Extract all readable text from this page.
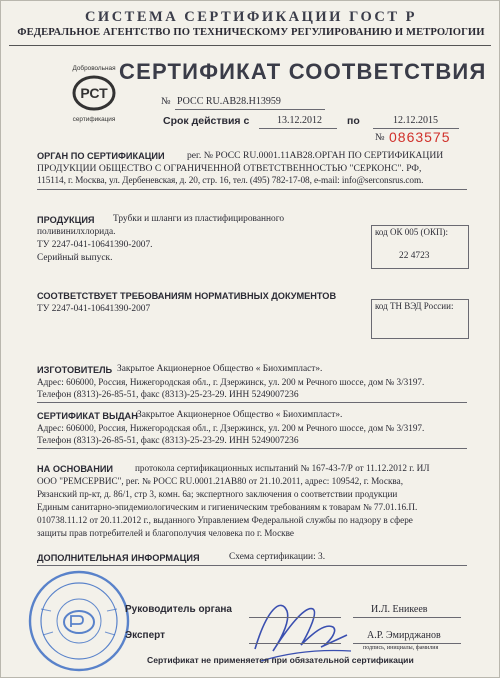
СИСТЕМА СЕРТИФИКАЦИИ ГОСТ Р
ФЕДЕРАЛЬНОЕ АГЕНТСТВО ПО ТЕХНИЧЕСКОМУ РЕГУЛИРОВАНИЮ И МЕТРОЛОГИИ
РСТ
Добровольная
сертификация
СЕРТИФИКАТ СООТВЕТСТВИЯ
№ РОСС RU.АВ28.Н13959
Срок действия с	13.12.2012 по	12.12.2015
№ 0863575
ОРГАН ПО СЕРТИФИКАЦИИ рег. № РОСС RU.0001.11АВ28.ОРГАН ПО СЕРТИФИКАЦИИ
ПРОДУКЦИИ ОБЩЕСТВО С ОГРАНИЧЕННОЙ ОТВЕТСТВЕННОСТЬЮ "СЕРКОНС". РФ,
115114, г. Москва, ул. Дербеневская, д. 20, стр. 16, тел. (495) 782-17-08, e-mail: info@serconsrus.com.
ПРОДУКЦИЯ Трубки и шланги из пластифицированного
поливинилхлорида.
ТУ 2247-041-10641390-2007.
Серийный выпуск.
код ОК 005 (ОКП):
22 4723
СООТВЕТСТВУЕТ ТРЕБОВАНИЯМ НОРМАТИВНЫХ ДОКУМЕНТОВ
ТУ 2247-041-10641390-2007	код ТН ВЭД России:
ИЗГОТОВИТЕЛЬ Закрытое Акционерное Общество « Биохимпласт».
Адрес: 606000, Россия, Нижегородская обл., г. Дзержинск, ул. 200 м Речного шоссе, дом № 3/3197.
Телефон (8313)-26-85-51, факс (8313)-25-23-29. ИНН 5249007236
СЕРТИФИКАТ ВЫДАН Закрытое Акционерное Общество « Биохимпласт».
Адрес: 606000, Россия, Нижегородская обл., г. Дзержинск, ул. 200 м Речного шоссе, дом № 3/3197.
Телефон (8313)-26-85-51, факс (8313)-25-23-29. ИНН 5249007236
НА ОСНОВАНИИ протокола сертификационных испытаний № 167-43-7/Р от 11.12.2012 г. ИЛ
ООО "РЕМСЕРВИС", рег. № РОСС RU.0001.21АВ80 от 21.10.2011, адрес: 109542, г. Москва,
Рязанский пр-кт, д. 86/1, стр 3, комн. 6а; экспертного заключения о соответствии продукции
Единым санитарно-эпидемиологическим и гигиеническим требованиям к товарам № 77.01.16.П.
010738.11.12 от 20.11.2012 г., выданного Управлением Федеральной службы по надзору в сфере
защиты прав потребителей и благополучия человека по г. Москве
ДОПОЛНИТЕЛЬНАЯ ИНФОРМАЦИЯ	Схема сертификации: 3.
Руководитель органа	И.Л. Еникеев
Эксперт	А.Р. Эмирджанов
подпись, инициалы, фамилия
Сертификат не применяется при обязательной сертификации
